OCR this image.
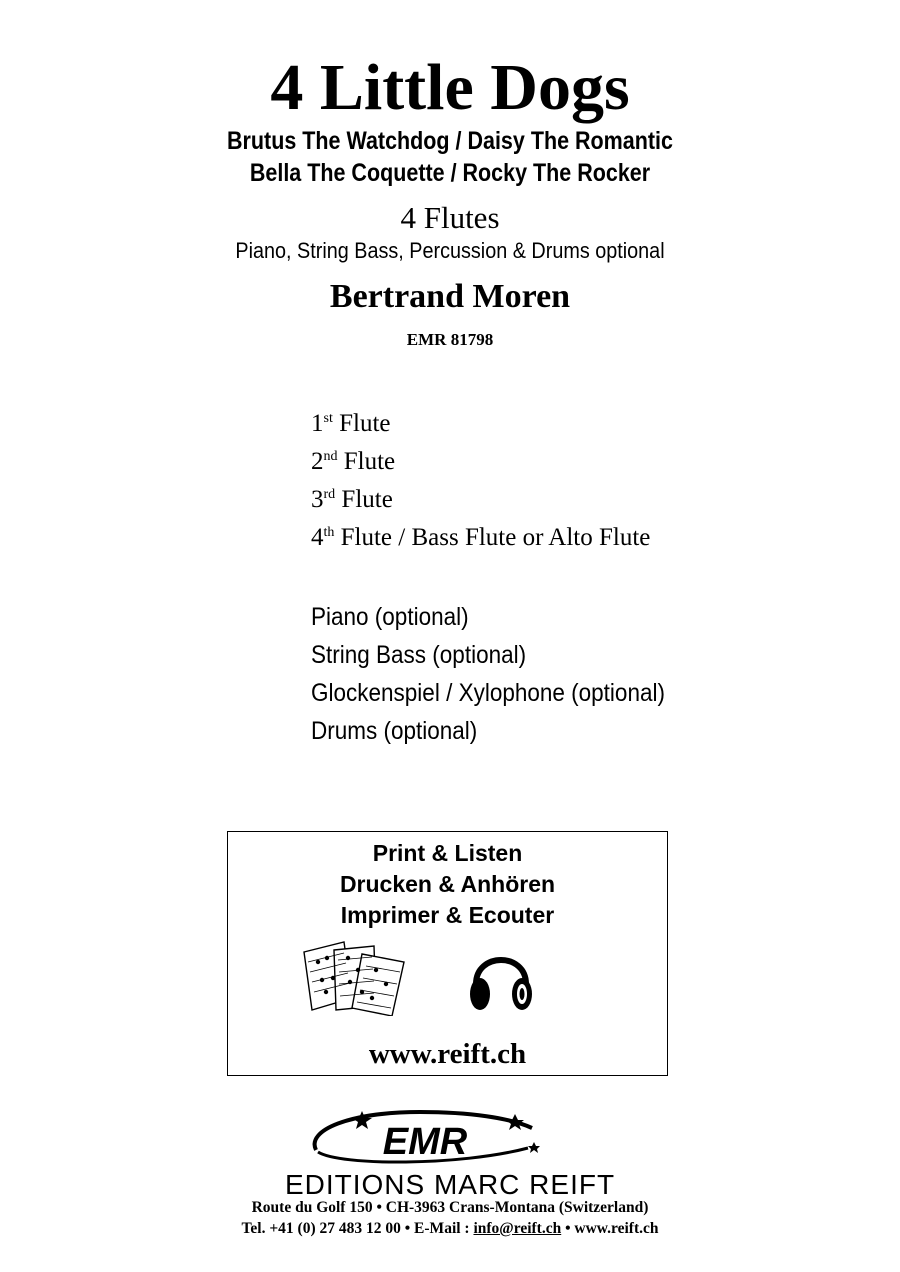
4 Little Dogs
Brutus The Watchdog / Daisy The Romantic
Bella The Coquette / Rocky The Rocker
4 Flutes
Piano, String Bass, Percussion & Drums optional
Bertrand Moren
EMR 81798
1st Flute
2nd Flute
3rd Flute
4th Flute / Bass Flute or Alto Flute
Piano (optional)
String Bass (optional)
Glockenspiel / Xylophone (optional)
Drums (optional)
Print & Listen
Drucken & Anhören
Imprimer & Ecouter
www.reift.ch
EMR
EDITIONS MARC REIFT
Route du Golf 150 • CH-3963 Crans-Montana (Switzerland)
Tel. +41 (0) 27 483 12 00 • E-Mail : info@reift.ch • www.reift.ch
